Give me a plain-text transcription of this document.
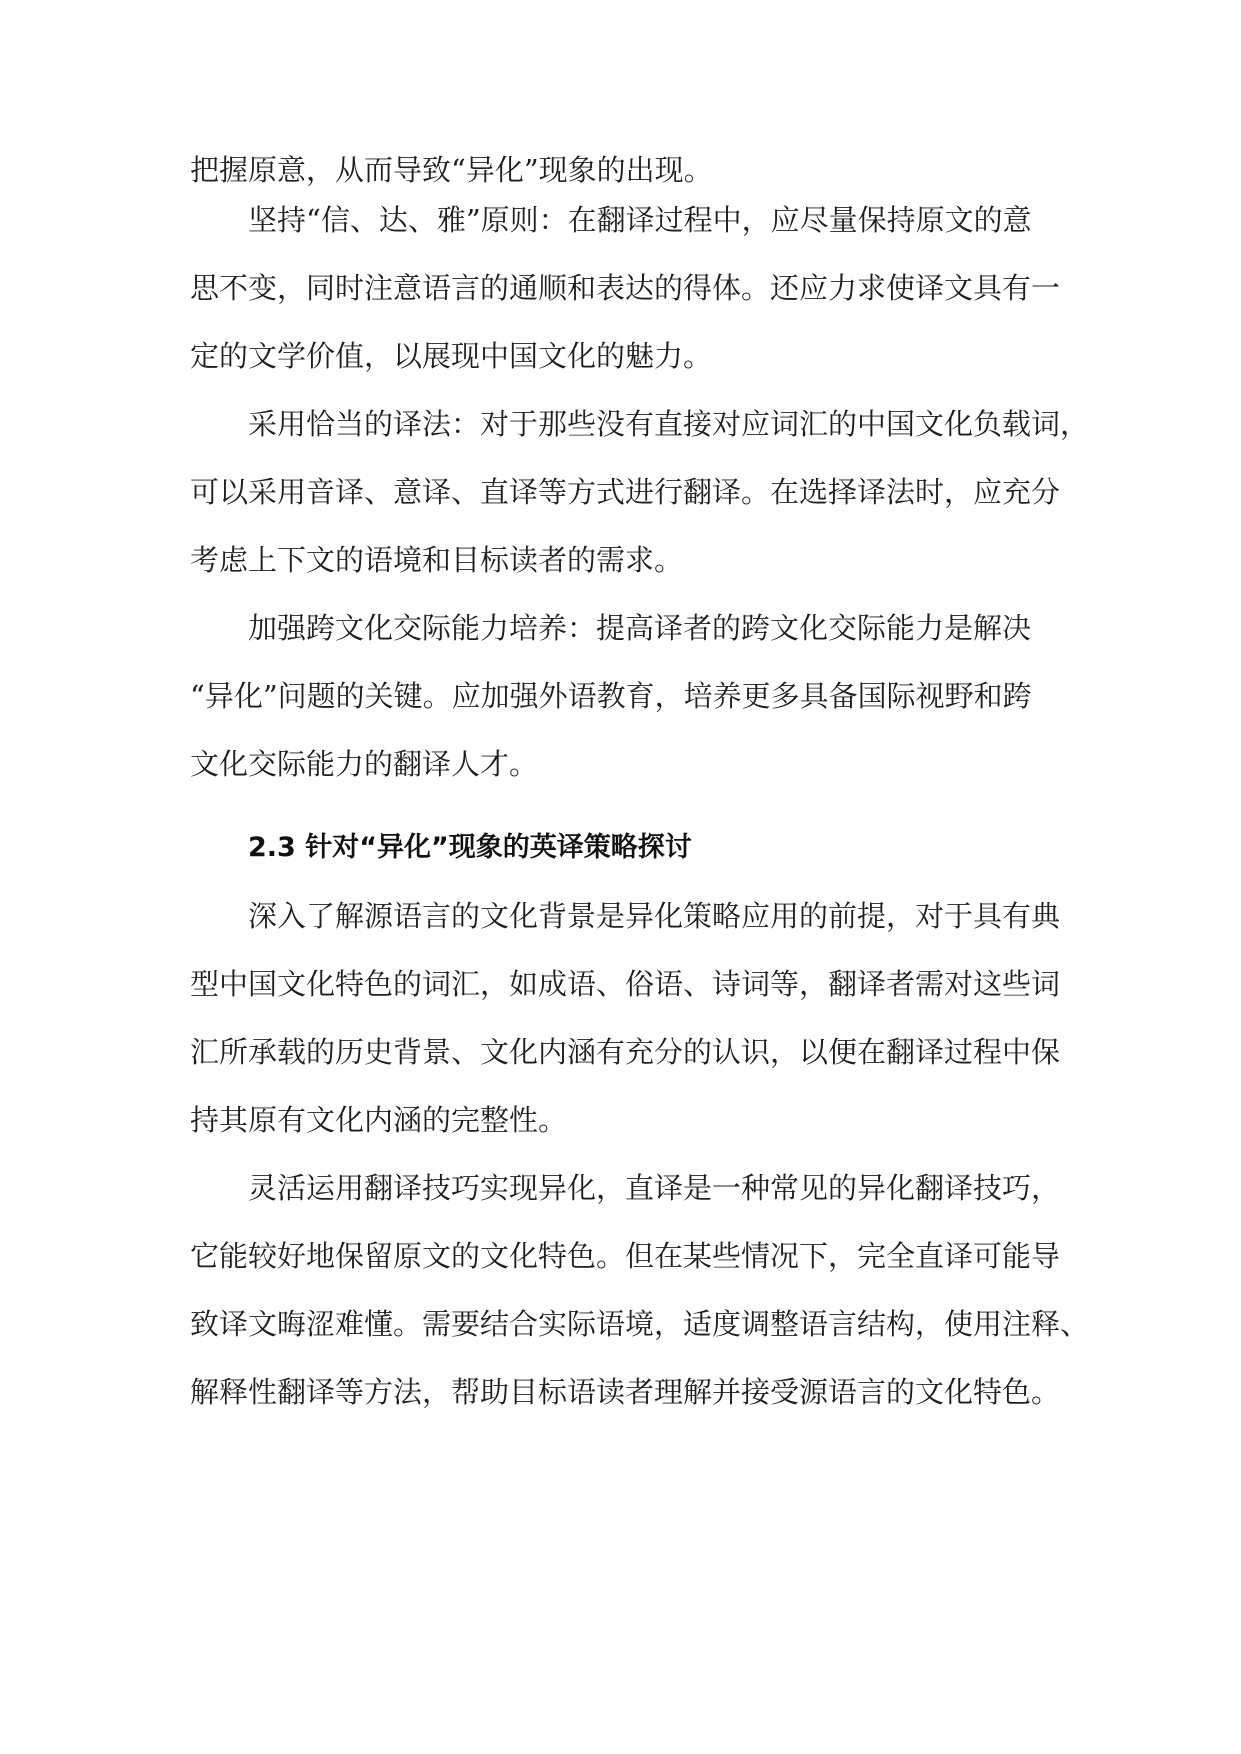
把握原意，从而导致“异化”现象的出现。
坚持“信、达、雅”原则：在翻译过程中，应尽量保持原文的意
思不变，同时注意语言的通顺和表达的得体。还应力求使译文具有一
定的文学价值，以展现中国文化的魅力。
采用恰当的译法：对于那些没有直接对应词汇的中国文化负载词，
可以采用音译、意译、直译等方式进行翻译。在选择译法时，应充分
考虑上下文的语境和目标读者的需求。
加强跨文化交际能力培养：提高译者的跨文化交际能力是解决
“异化”问题的关键。应加强外语教育，培养更多具备国际视野和跨
文化交际能力的翻译人才。
2.3 针对“异化”现象的英译策略探讨
深入了解源语言的文化背景是异化策略应用的前提，对于具有典
型中国文化特色的词汇，如成语、俗语、诗词等，翻译者需对这些词
汇所承载的历史背景、文化内涵有充分的认识，以便在翻译过程中保
持其原有文化内涵的完整性。
灵活运用翻译技巧实现异化，直译是一种常见的异化翻译技巧，
它能较好地保留原文的文化特色。但在某些情况下，完全直译可能导
致译文晦涩难懂。需要结合实际语境，适度调整语言结构，使用注释、
解释性翻译等方法，帮助目标语读者理解并接受源语言的文化特色。
